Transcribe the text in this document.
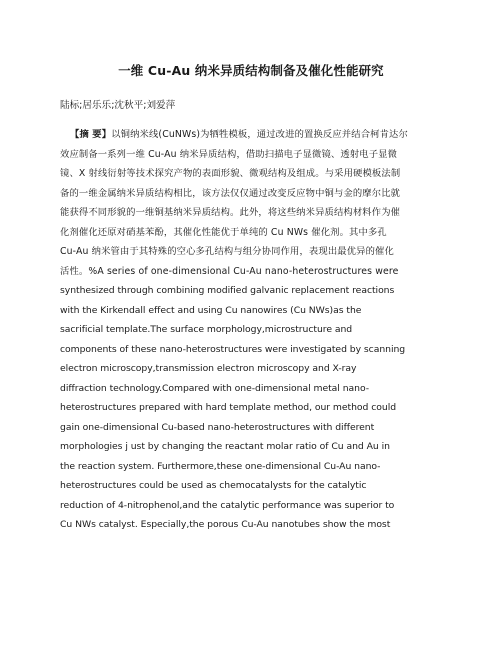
一维 Cu-Au 纳米异质结构制备及催化性能研究
陆标;居乐乐;沈秋平;刘爱萍
【摘 要】以铜纳米线(CuNWs)为牺牲模板，通过改进的置换反应并结合柯肯达尔
效应制备一系列一维 Cu-Au 纳米异质结构，借助扫描电子显微镜、透射电子显微
镜、X 射线衍射等技术探究产物的表面形貌、微观结构及组成。与采用硬模板法制
备的一维金属纳米异质结构相比，该方法仅仅通过改变反应物中铜与金的摩尔比就
能获得不同形貌的一维铜基纳米异质结构。此外，将这些纳米异质结构材料作为催
化剂催化还原对硝基苯酚，其催化性能优于单纯的 Cu NWs 催化剂。其中多孔
Cu-Au 纳米管由于其特殊的空心多孔结构与组分协同作用，表现出最优异的催化
活性。%A series of one-dimensional Cu-Au nano-heterostructures were
synthesized through combining modified galvanic replacement reactions
with the Kirkendall effect and using Cu nanowires (Cu NWs)as the
sacrificial template.The surface morphology,microstructure and
components of these nano-heterostructures were investigated by scanning
electron microscopy,transmission electron microscopy and X-ray
diffraction technology.Compared with one-dimensional metal nano-
heterostructures prepared with hard template method, our method could
gain one-dimensional Cu-based nano-heterostructures with different
morphologies j ust by changing the reactant molar ratio of Cu and Au in
the reaction system. Furthermore,these one-dimensional Cu-Au nano-
heterostructures could be used as chemocatalysts for the catalytic
reduction of 4-nitrophenol,and the catalytic performance was superior to
Cu NWs catalyst. Especially,the porous Cu-Au nanotubes show the most
